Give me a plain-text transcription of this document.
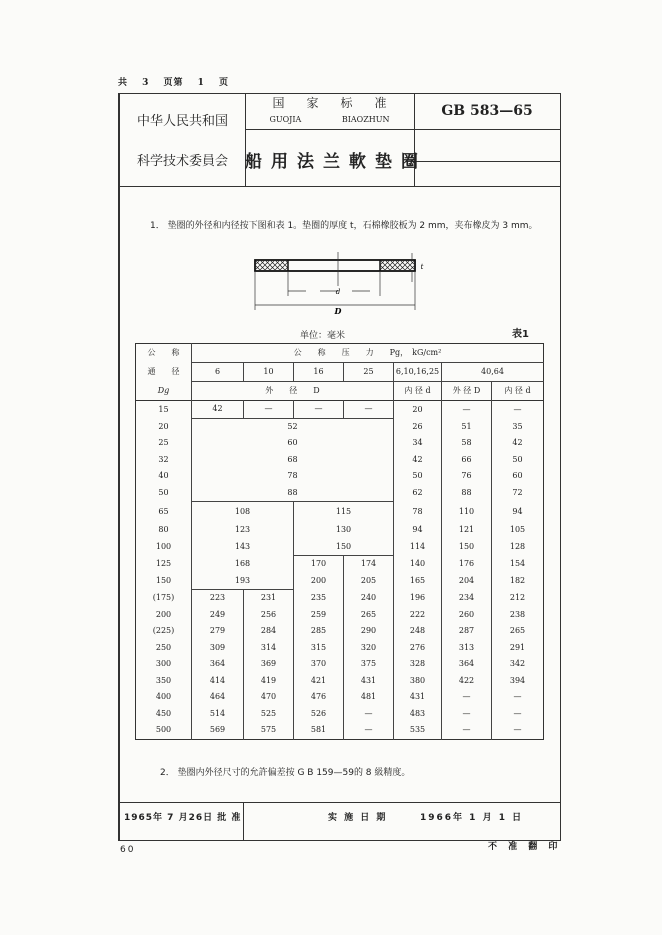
共 3 页第 1 页
中华人民共和国
科学技术委員会
国家标准
GUOJIA BIAOZHUN
GB 583—65
船用法兰軟垫圈
1． 垫圈的外径和内径按下图和表 1。垫圈的厚度 t，石棉橡胶板为 2 mm，夹布橡皮为 3 mm。
2． 垫圈内外径尺寸的允許偏差按 G B 159—59的 8 級精度。
1965年 7 月26日 批 准	实 施 日 期	1966年 1 月 1 日
d
D
t
单位：毫米	表1
公　　称	公　　称　　压　　力　　Pg，　kG/cm²						
通　　径	6	10	16	25	6,10,16,25	40,64	
Dg	外　　径　　D				内 径 d	外 径 D	内 径 d
15	42	—	—	—	20	—	—
20	52				26	51	35
25	60				34	58	42
32	68				42	66	50
40	78				50	76	60
50	88				62	88	72
65	108		115		78	110	94
80	123		130		94	121	105
100	143		150		114	150	128
125	168		170	174	140	176	154
150	193		200	205	165	204	182
(175)	223	231	235	240	196	234	212
200	249	256	259	265	222	260	238
(225)	279	284	285	290	248	287	265
250	309	314	315	320	276	313	291
300	364	369	370	375	328	364	342
350	414	419	421	431	380	422	394
400	464	470	476	481	431	—	—
450	514	525	526	—	483	—	—
500	569	575	581	—	535	—	—
60	不 准 翻 印
